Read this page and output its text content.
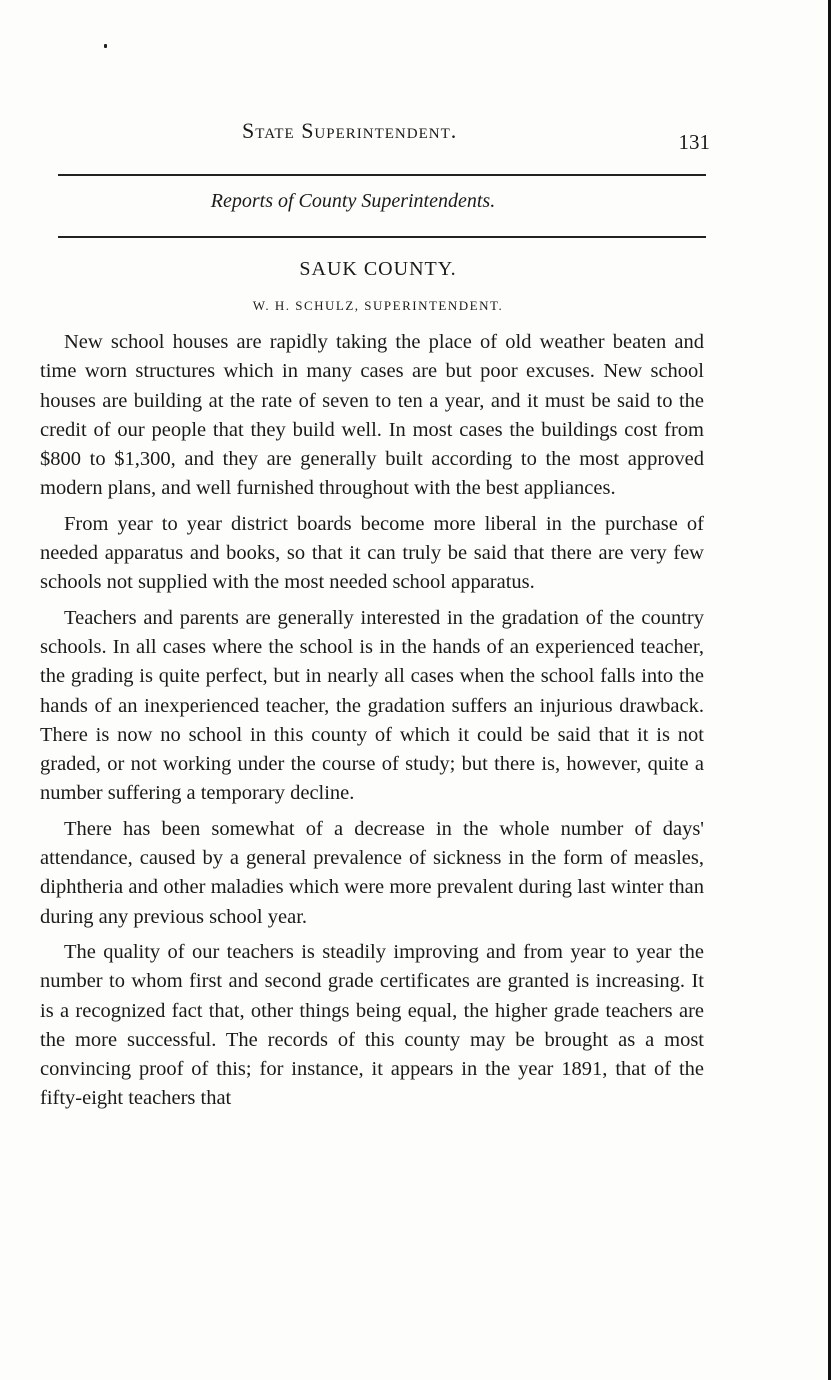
State Superintendent.	131
Reports of County Superintendents.
SAUK COUNTY.
W. H. SCHULZ, SUPERINTENDENT.

New school houses are rapidly taking the place of old weather beaten and time worn structures which in many cases are but poor excuses. New school houses are building at the rate of seven to ten a year, and it must be said to the credit of our people that they build well. In most cases the buildings cost from $800 to $1,300, and they are generally built according to the most approved modern plans, and well furnished throughout with the best appliances.

From year to year district boards become more liberal in the purchase of needed apparatus and books, so that it can truly be said that there are very few schools not supplied with the most needed school apparatus.

Teachers and parents are generally interested in the gradation of the country schools. In all cases where the school is in the hands of an experienced teacher, the grading is quite perfect, but in nearly all cases when the school falls into the hands of an inexperienced teacher, the gradation suffers an injurious drawback. There is now no school in this county of which it could be said that it is not graded, or not working under the course of study; but there is, however, quite a number suffering a temporary decline.

There has been somewhat of a decrease in the whole number of days' attendance, caused by a general prevalence of sickness in the form of measles, diphtheria and other maladies which were more prevalent during last winter than during any previous school year.

The quality of our teachers is steadily improving and from year to year the number to whom first and second grade certificates are granted is increasing. It is a recognized fact that, other things being equal, the higher grade teachers are the more successful. The records of this county may be brought as a most convincing proof of this; for instance, it appears in the year 1891, that of the fifty-eight teachers that
